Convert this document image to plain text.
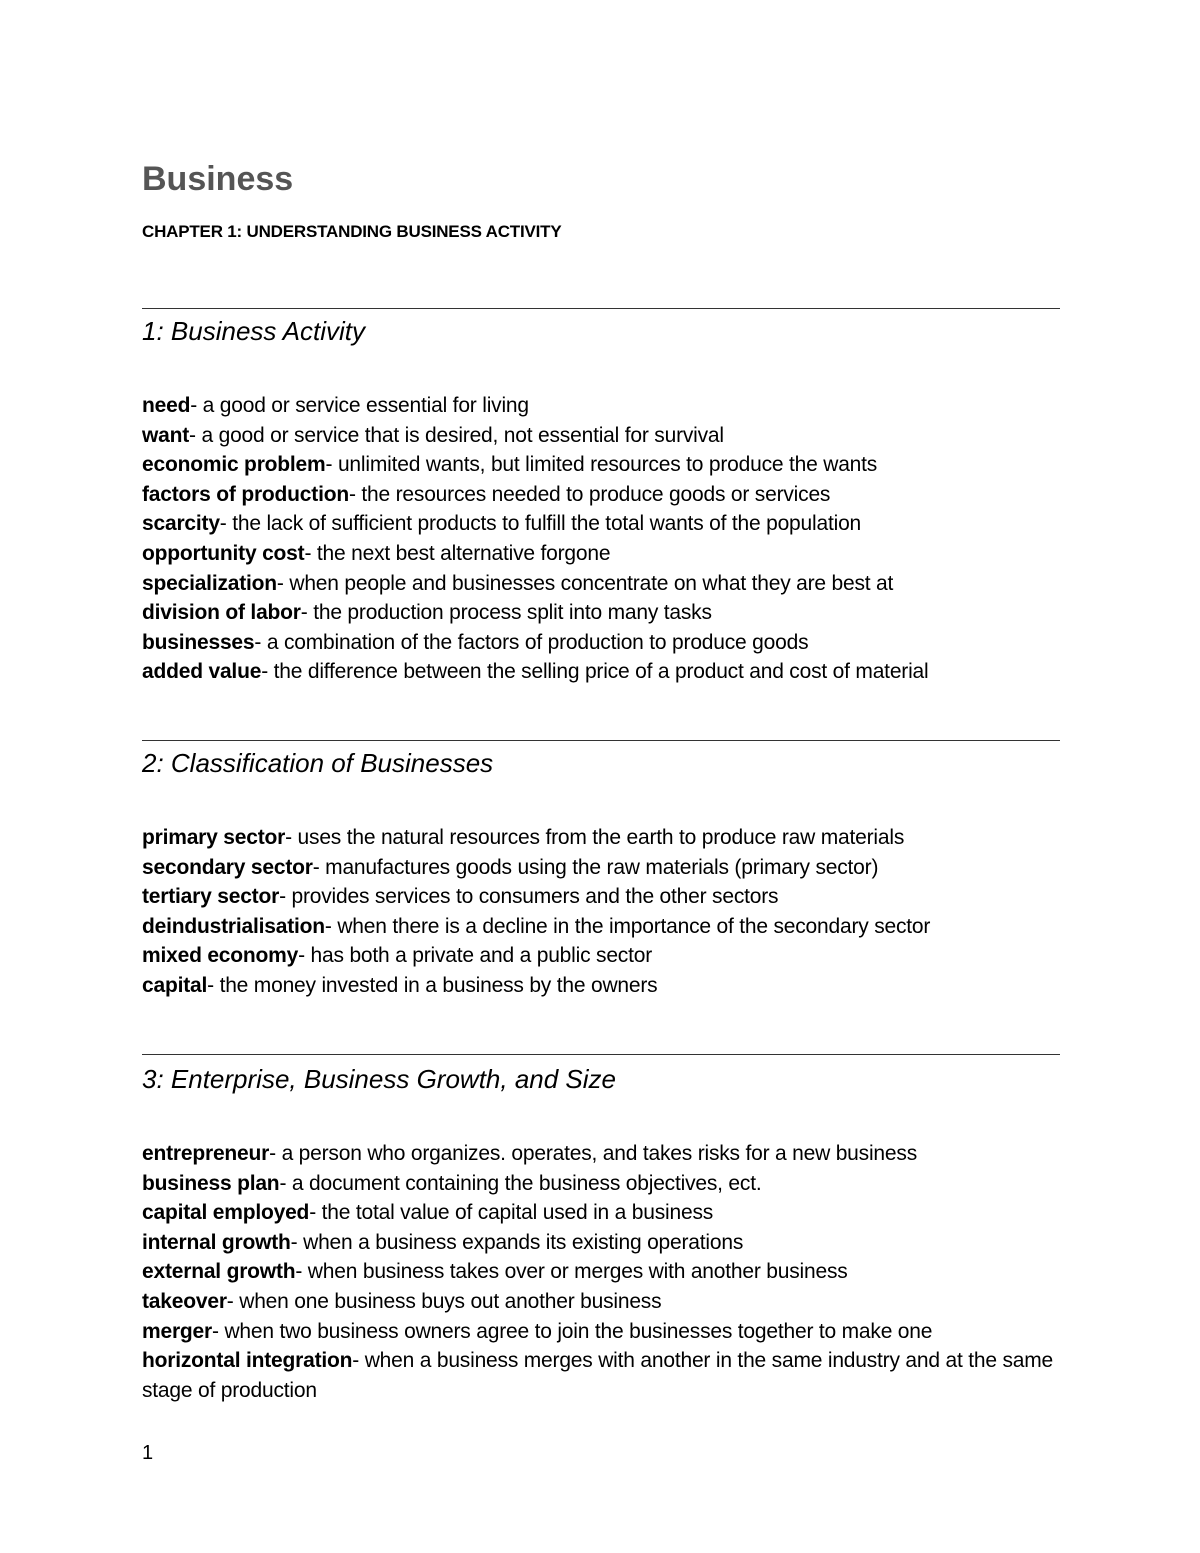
Business

CHAPTER 1: UNDERSTANDING BUSINESS ACTIVITY

1: Business Activity
need- a good or service essential for living
want- a good or service that is desired, not essential for survival
economic problem- unlimited wants, but limited resources to produce the wants
factors of production- the resources needed to produce goods or services
scarcity- the lack of sufficient products to fulfill the total wants of the population
opportunity cost- the next best alternative forgone
specialization- when people and businesses concentrate on what they are best at
division of labor- the production process split into many tasks
businesses- a combination of the factors of production to produce goods
added value- the difference between the selling price of a product and cost of material
2: Classification of Businesses
primary sector- uses the natural resources from the earth to produce raw materials
secondary sector- manufactures goods using the raw materials (primary sector)
tertiary sector- provides services to consumers and the other sectors
deindustrialisation- when there is a decline in the importance of the secondary sector
mixed economy- has both a private and a public sector
capital- the money invested in a business by the owners
3: Enterprise, Business Growth, and Size
entrepreneur- a person who organizes. operates, and takes risks for a new business
business plan- a document containing the business objectives, ect.
capital employed- the total value of capital used in a business
internal growth- when a business expands its existing operations
external growth- when business takes over or merges with another business
takeover- when one business buys out another business
merger- when two business owners agree to join the businesses together to make one
horizontal integration- when a business merges with another in the same industry and at the same stage of production
1
